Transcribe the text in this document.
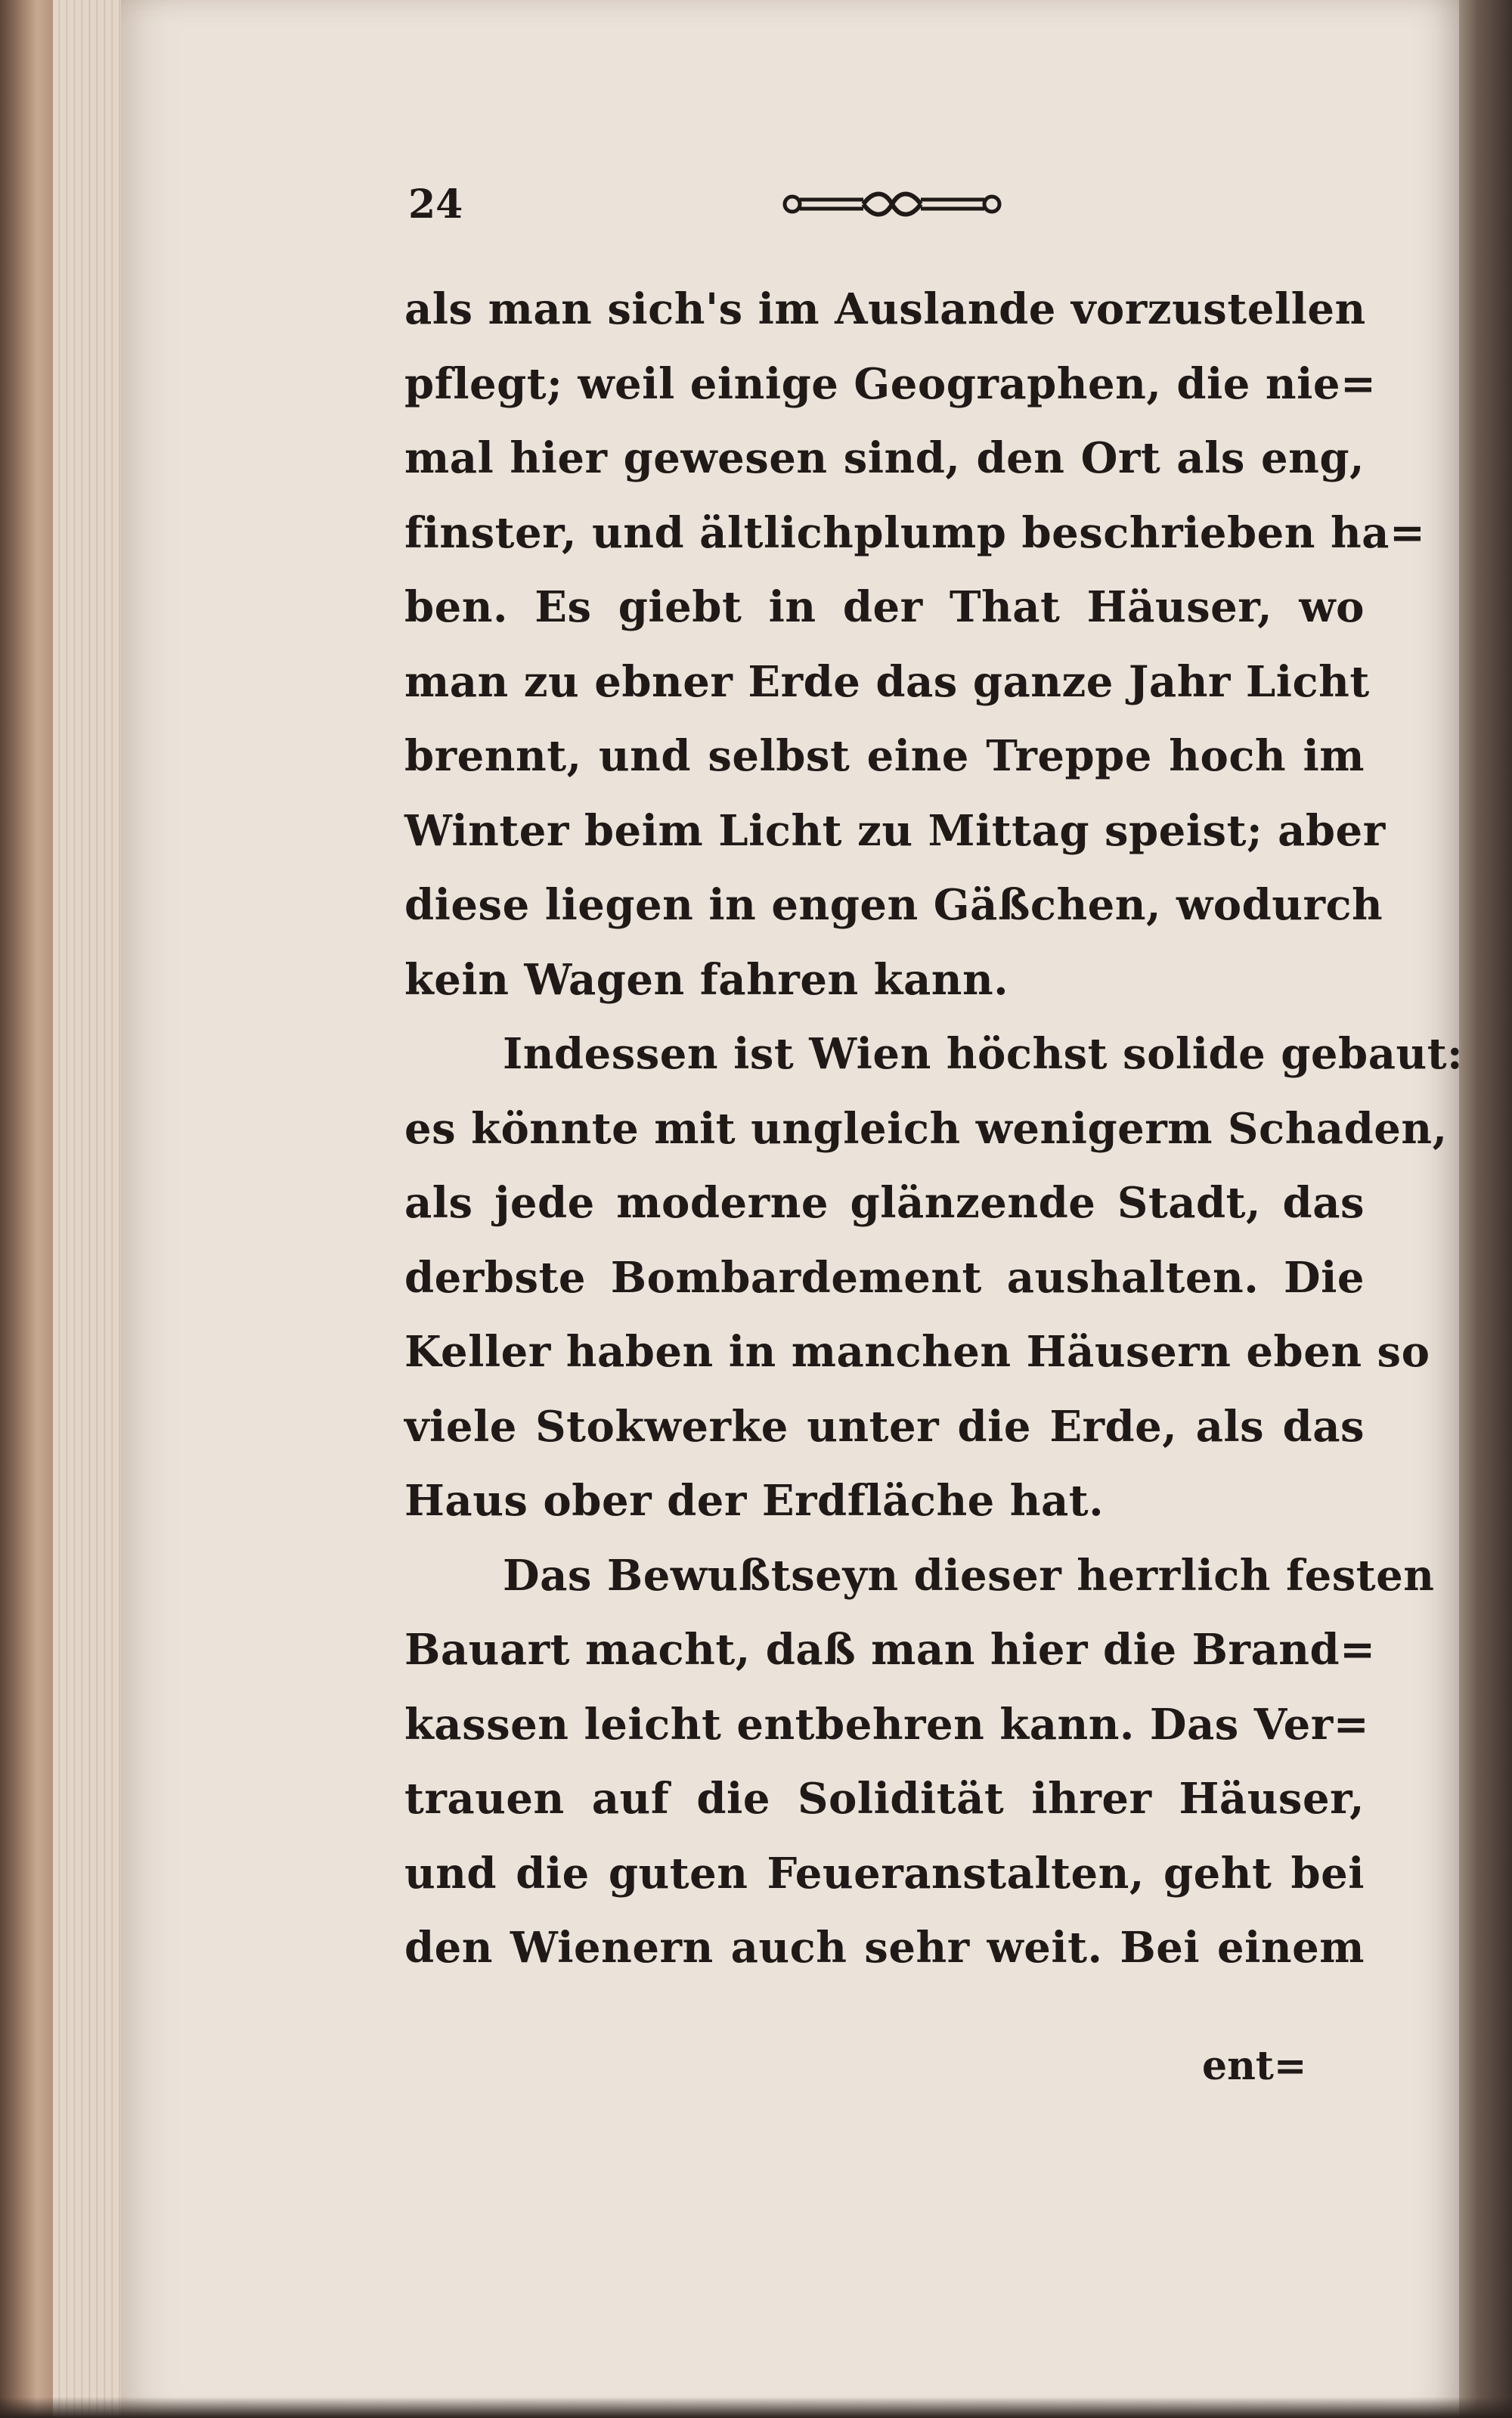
24
als man sich's im Auslande vorzustellen
pflegt; weil einige Geographen, die nie=
mal hier gewesen sind, den Ort als eng,
finster, und ältlichplump beschrieben ha=
ben. Es giebt in der That Häuser, wo
man zu ebner Erde das ganze Jahr Licht
brennt, und selbst eine Treppe hoch im
Winter beim Licht zu Mittag speist; aber
diese liegen in engen Gäßchen, wodurch
kein Wagen fahren kann.
Indessen ist Wien höchst solide gebaut:
es könnte mit ungleich wenigerm Schaden,
als jede moderne glänzende Stadt, das
derbste Bombardement aushalten. Die
Keller haben in manchen Häusern eben so
viele Stokwerke unter die Erde, als das
Haus ober der Erdfläche hat.
Das Bewußtseyn dieser herrlich festen
Bauart macht, daß man hier die Brand=
kassen leicht entbehren kann. Das Ver=
trauen auf die Solidität ihrer Häuser,
und die guten Feueranstalten, geht bei
den Wienern auch sehr weit. Bei einem
ent=
